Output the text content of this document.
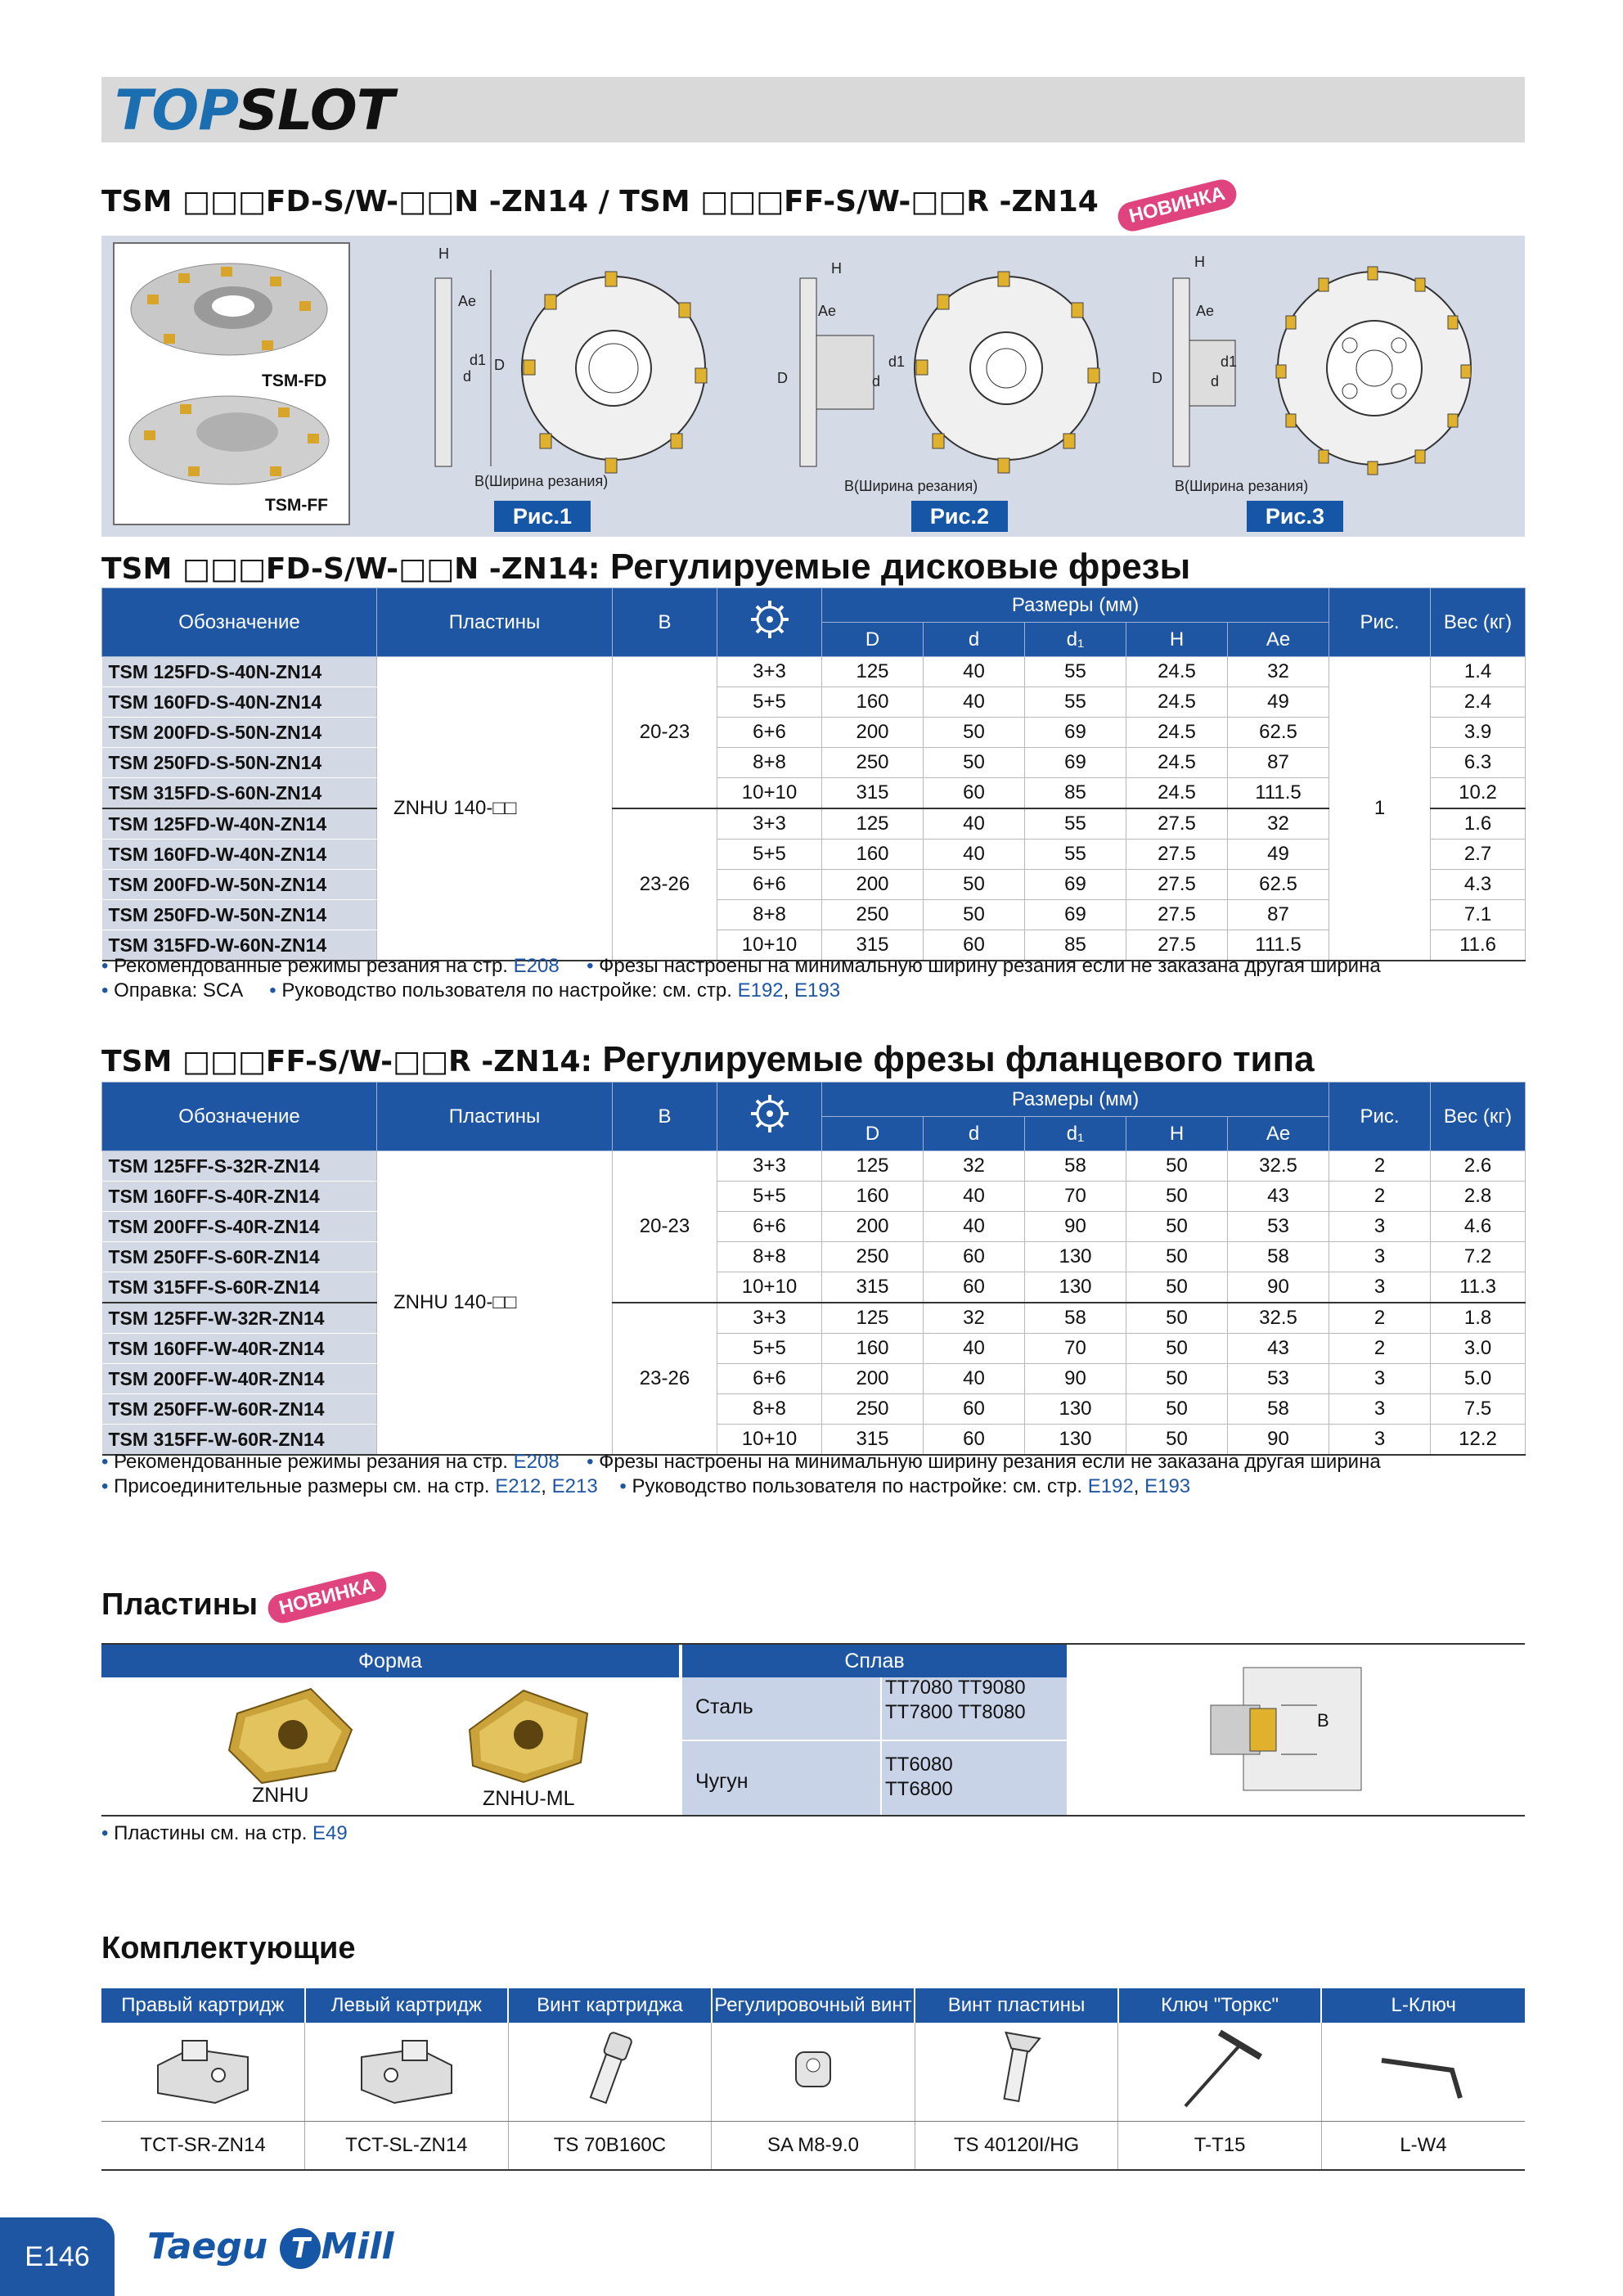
TOPSLOT
TSM □□□FD-S/W-□□N -ZN14 / TSM □□□FF-S/W-□□R -ZN14 НОВИНКА
TSM-FD
TSM-FF
H
Ae
d1
d
D
B(Ширина резания)
Рис.1
H
Ae
d1
d
D
B(Ширина резания)
Рис.2
H
Ae
d1
d
D
B(Ширина резания)
Рис.3
TSM □□□FD-S/W-□□N -ZN14: Регулируемые дисковые фрезы
Обозначение	Пластины	B		Размеры (мм)					Рис.	Вес (кг)
				D	d	d₁	H	Ae		
TSM 125FD-S-40N-ZN14	ZNHU 140-□□	20-23	3+3	125	40	55	24.5	32	1	1.4
TSM 160FD-S-40N-ZN14			5+5	160	40	55	24.5	49		2.4
TSM 200FD-S-50N-ZN14			6+6	200	50	69	24.5	62.5		3.9
TSM 250FD-S-50N-ZN14			8+8	250	50	69	24.5	87		6.3
TSM 315FD-S-60N-ZN14			10+10	315	60	85	24.5	111.5		10.2
TSM 125FD-W-40N-ZN14		23-26	3+3	125	40	55	27.5	32		1.6
TSM 160FD-W-40N-ZN14			5+5	160	40	55	27.5	49		2.7
TSM 200FD-W-50N-ZN14			6+6	200	50	69	27.5	62.5		4.3
TSM 250FD-W-50N-ZN14			8+8	250	50	69	27.5	87		7.1
TSM 315FD-W-60N-ZN14			10+10	315	60	85	27.5	111.5		11.6
• Рекомендованные режимы резания на стр. E208 • Фрезы настроены на минимальную ширину резания если не заказана другая ширина
• Оправка: SCA • Руководство пользователя по настройке: см. стр. E192, E193
TSM □□□FF-S/W-□□R -ZN14: Регулируемые фрезы фланцевого типа
Обозначение	Пластины	B		Размеры (мм)					Рис.	Вес (кг)
				D	d	d₁	H	Ae		
TSM 125FF-S-32R-ZN14	ZNHU 140-□□	20-23	3+3	125	32	58	50	32.5	2	2.6
TSM 160FF-S-40R-ZN14			5+5	160	40	70	50	43	2	2.8
TSM 200FF-S-40R-ZN14			6+6	200	40	90	50	53	3	4.6
TSM 250FF-S-60R-ZN14			8+8	250	60	130	50	58	3	7.2
TSM 315FF-S-60R-ZN14			10+10	315	60	130	50	90	3	11.3
TSM 125FF-W-32R-ZN14		23-26	3+3	125	32	58	50	32.5	2	1.8
TSM 160FF-W-40R-ZN14			5+5	160	40	70	50	43	2	3.0
TSM 200FF-W-40R-ZN14			6+6	200	40	90	50	53	3	5.0
TSM 250FF-W-60R-ZN14			8+8	250	60	130	50	58	3	7.5
TSM 315FF-W-60R-ZN14			10+10	315	60	130	50	90	3	12.2
• Рекомендованные режимы резания на стр. E208 • Фрезы настроены на минимальную ширину резания если не заказана другая ширина
• Присоединительные размеры см. на стр. E212, E213 • Руководство пользователя по настройке: см. стр. E192, E193
Пластины НОВИНКА
Форма	Сплав
ZNHU	ZNHU-ML
Сталь
TT7080 TT9080
TT7800 TT8080
Чугун
TT6080
TT6800
B
• Пластины см. на стр. E49
Комплектующие
Правый картридж	Левый картридж	Винт картриджа	Регулировочный винт	Винт пластины	Ключ "Торкс"	L-Ключ

TCT-SR-ZN14	TCT-SL-ZN14	TS 70B160C	SA M8-9.0	TS 40120I/HG	T-T15	L-W4
E146	Taegu T Mill
